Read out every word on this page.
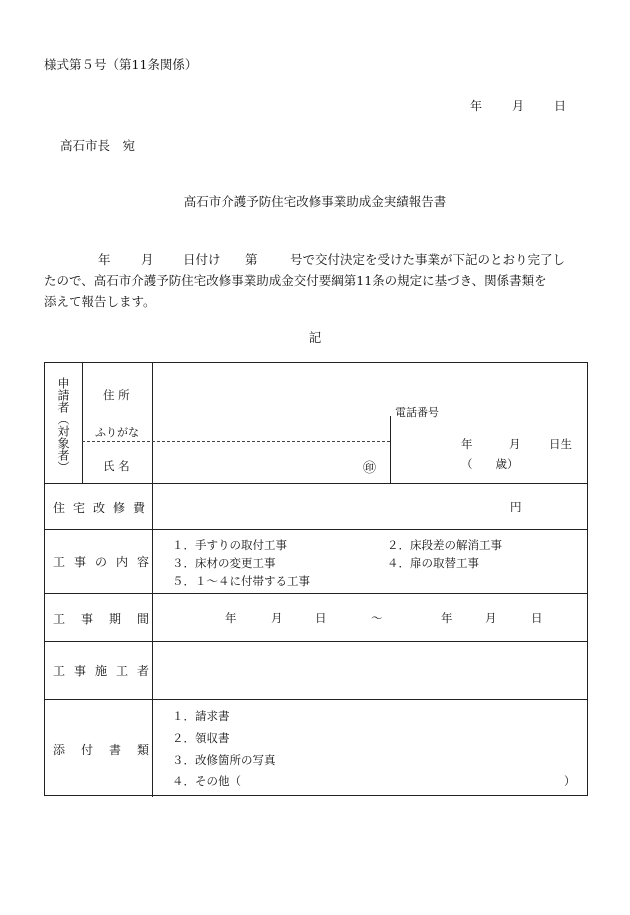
様式第５号（第11条関係）
年 月 日
高石市長　宛
高石市介護予防住宅改修事業助成金実績報告書
年 月 日付け 第	号で交付決定を受けた事業が下記のとおり完了し
たので、高石市介護予防住宅改修事業助成金交付要綱第11条の規定に基づき、関係書類を
添えて報告します。
記
申請者（対象者）	住 所
電話番号
ふりがな
氏 名	㊞
年	月 日生
（　　歳）
住宅改修費	円
工事の内容
１．手すりの取付工事	２．床段差の解消工事
３．床材の変更工事	４．扉の取替工事
５．１～４に付帯する工事
工事期間	年	月	日	～	年	月	日
工事施工者
添付書類
１．請求書
２．領収書
３．改修箇所の写真
４．その他（	）
